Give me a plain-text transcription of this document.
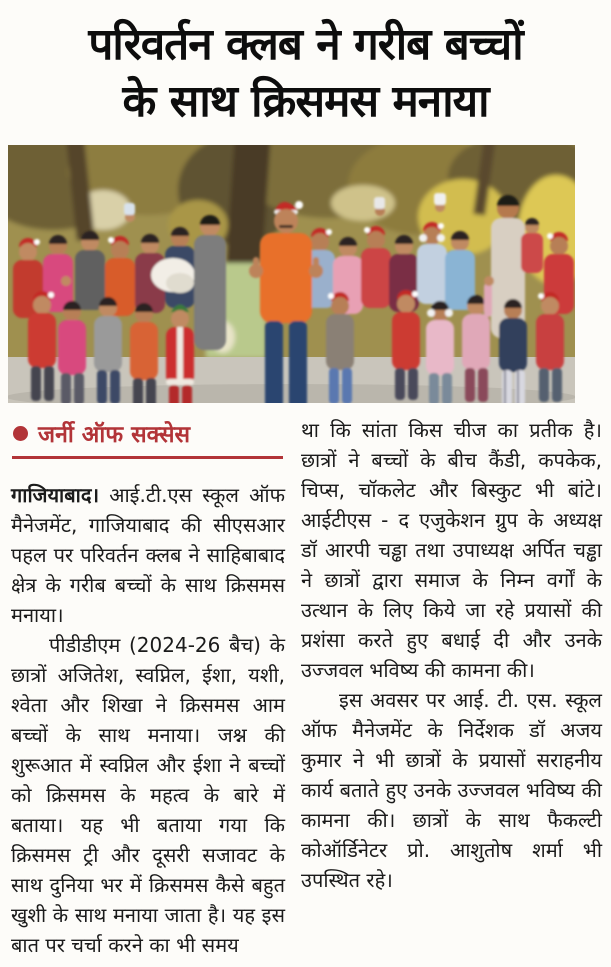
परिवर्तन क्लब ने गरीब बच्चों
के साथ क्रिसमस मनाया
जर्नी ऑफ सक्सेस

गाजियाबाद। आई.टी.एस स्कूल ऑफ मैनेजमेंट, गाजियाबाद की सीएसआर पहल पर परिवर्तन क्लब ने साहिबाबाद क्षेत्र के गरीब बच्चों के साथ क्रिसमस मनाया।

पीडीडीएम (2024-26 बैच) के छात्रों अजितेश, स्वप्निल, ईशा, यशी, श्वेता और शिखा ने क्रिसमस आम बच्चों के साथ मनाया। जश्न की शुरूआत में स्वप्निल और ईशा ने बच्चों को क्रिसमस के महत्व के बारे में बताया। यह भी बताया गया कि क्रिसमस ट्री और दूसरी सजावट के साथ दुनिया भर में क्रिसमस कैसे बहुत खुशी के साथ मनाया जाता है। यह इस बात पर चर्चा करने का भी समय

था कि सांता किस चीज का प्रतीक है। छात्रों ने बच्चों के बीच कैंडी, कपकेक, चिप्स, चॉकलेट और बिस्कुट भी बांटे। आईटीएस - द एजुकेशन ग्रुप के अध्यक्ष डॉ आरपी चड्ढा तथा उपाध्यक्ष अर्पित चड्ढा ने छात्रों द्वारा समाज के निम्न वर्गों के उत्थान के लिए किये जा रहे प्रयासों की प्रशंसा करते हुए बधाई दी और उनके उज्जवल भविष्य की कामना की।

इस अवसर पर आई. टी. एस. स्कूल ऑफ मैनेजमेंट के निर्देशक डॉ अजय कुमार ने भी छात्रों के प्रयासों सराहनीय कार्य बताते हुए उनके उज्जवल भविष्य की कामना की। छात्रों के साथ फैकल्टी कोऑर्डिनेटर प्रो. आशुतोष शर्मा भी उपस्थित रहे।
